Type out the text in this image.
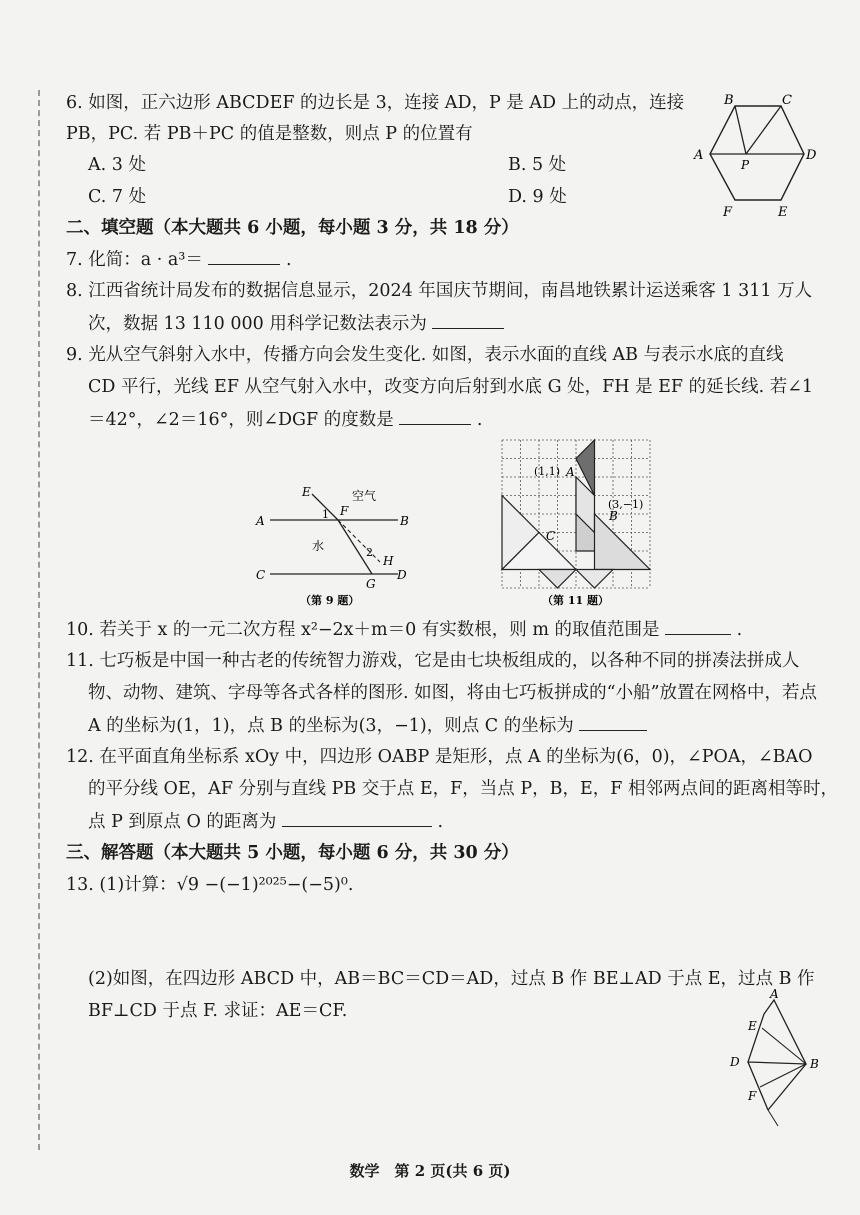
6. 如图，正六边形 ABCDEF 的边长是 3，连接 AD，P 是 AD 上的动点，连接
PB，PC. 若 PB＋PC 的值是整数，则点 P 的位置有
A. 3 处	B. 5 处
C. 7 处	D. 9 处
B	C
A	D
F	E
P
二、填空题（本大题共 6 小题，每小题 3 分，共 18 分）
7. 化简：a · a³＝	.
8. 江西省统计局发布的数据信息显示，2024 年国庆节期间，南昌地铁累计运送乘客 1 311 万人
次，数据 13 110 000 用科学记数法表示为
9. 光从空气斜射入水中，传播方向会发生变化. 如图，表示水面的直线 AB 与表示水底的直线
CD 平行，光线 EF 从空气射入水中，改变方向后射到水底 G 处，FH 是 EF 的延长线. 若∠1
＝42°，∠2＝16°，则∠DGF 的度数是	.
E	空气
A	B
1 F
水	2
H
C	D
G
（第 9 题）
(1,1) A
(3,−1)
B
C
（第 11 题）
10. 若关于 x 的一元二次方程 x²−2x＋m＝0 有实数根，则 m 的取值范围是	.
11. 七巧板是中国一种古老的传统智力游戏，它是由七块板组成的，以各种不同的拼凑法拼成人
物、动物、建筑、字母等各式各样的图形. 如图，将由七巧板拼成的“小船”放置在网格中，若点
A 的坐标为(1，1)，点 B 的坐标为(3，−1)，则点 C 的坐标为
12. 在平面直角坐标系 xOy 中，四边形 OABP 是矩形，点 A 的坐标为(6，0)，∠POA，∠BAO
的平分线 OE，AF 分别与直线 PB 交于点 E，F，当点 P，B，E，F 相邻两点间的距离相等时，
点 P 到原点 O 的距离为	.
三、解答题（本大题共 5 小题，每小题 6 分，共 30 分）
13. (1)计算：√9 −(−1)²⁰²⁵−(−5)⁰.
(2)如图，在四边形 ABCD 中，AB＝BC＝CD＝AD，过点 B 作 BE⊥AD 于点 E，过点 B 作
BF⊥CD 于点 F. 求证：AE＝CF.
A
E
D	B
F
数学　第 2 页(共 6 页)
